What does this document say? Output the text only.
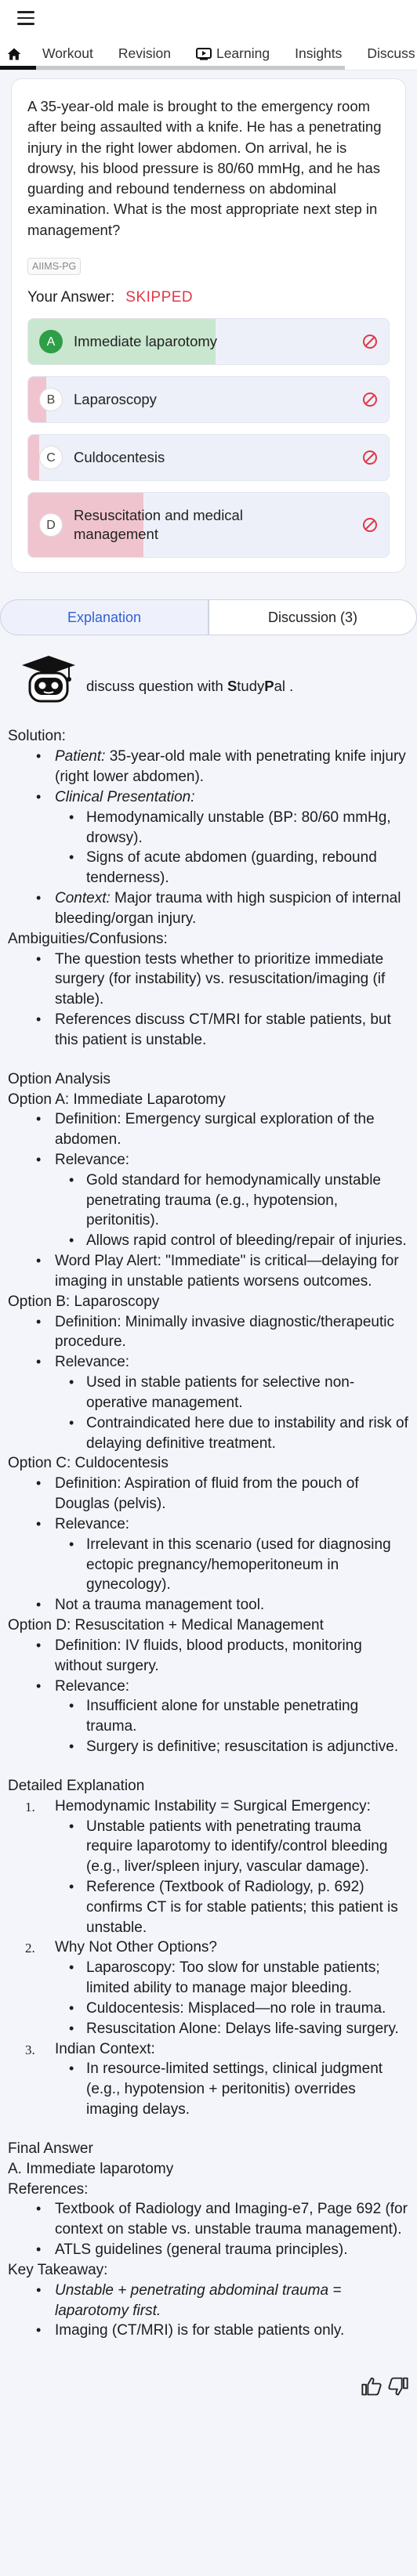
Workout Revision	Learning Insights Discuss
A 35-year-old male is brought to the emergency room after being assaulted with a knife. He has a penetrating injury in the right lower abdomen. On arrival, he is drowsy, his blood pressure is 80/60 mmHg, and he has guarding and rebound tenderness on abdominal examination. What is the most appropriate next step in management?
AIIMS-PG
Your Answer: SKIPPED
A	Immediate laparotomy
B	Laparoscopy
C	Culdocentesis
D
Resuscitation and medical management
Explanation	Discussion (3)
discuss question with StudyPal .
Solution:
• Patient: 35-year-old male with penetrating knife injury (right lower abdomen).
• Clinical Presentation:
• Hemodynamically unstable (BP: 80/60 mmHg, drowsy).
• Signs of acute abdomen (guarding, rebound tenderness).
• Context: Major trauma with high suspicion of internal bleeding/organ injury.
Ambiguities/Confusions:
• The question tests whether to prioritize immediate surgery (for instability) vs. resuscitation/imaging (if stable).
• References discuss CT/MRI for stable patients, but this patient is unstable.
Option Analysis
Option A: Immediate Laparotomy
• Definition: Emergency surgical exploration of the abdomen.
• Relevance:
• Gold standard for hemodynamically unstable penetrating trauma (e.g., hypotension, peritonitis).
• Allows rapid control of bleeding/repair of injuries.
• Word Play Alert: "Immediate" is critical—delaying for imaging in unstable patients worsens outcomes.
Option B: Laparoscopy
• Definition: Minimally invasive diagnostic/therapeutic procedure.
• Relevance:
• Used in stable patients for selective non-operative management.
• Contraindicated here due to instability and risk of delaying definitive treatment.
Option C: Culdocentesis
• Definition: Aspiration of fluid from the pouch of Douglas (pelvis).
• Relevance:
• Irrelevant in this scenario (used for diagnosing ectopic pregnancy/hemoperitoneum in gynecology).
• Not a trauma management tool.
Option D: Resuscitation + Medical Management
• Definition: IV fluids, blood products, monitoring without surgery.
• Relevance:
• Insufficient alone for unstable penetrating trauma.
• Surgery is definitive; resuscitation is adjunctive.
Detailed Explanation
1. Hemodynamic Instability = Surgical Emergency:
• Unstable patients with penetrating trauma require laparotomy to identify/control bleeding (e.g., liver/spleen injury, vascular damage).
• Reference (Textbook of Radiology, p. 692) confirms CT is for stable patients; this patient is unstable.
2. Why Not Other Options?
• Laparoscopy: Too slow for unstable patients; limited ability to manage major bleeding.
• Culdocentesis: Misplaced—no role in trauma.
• Resuscitation Alone: Delays life-saving surgery.
3. Indian Context:
• In resource-limited settings, clinical judgment (e.g., hypotension + peritonitis) overrides imaging delays.
Final Answer
A. Immediate laparotomy
References:
• Textbook of Radiology and Imaging-e7, Page 692 (for context on stable vs. unstable trauma management).
• ATLS guidelines (general trauma principles).
Key Takeaway:
• Unstable + penetrating abdominal trauma = laparotomy first.
• Imaging (CT/MRI) is for stable patients only.
